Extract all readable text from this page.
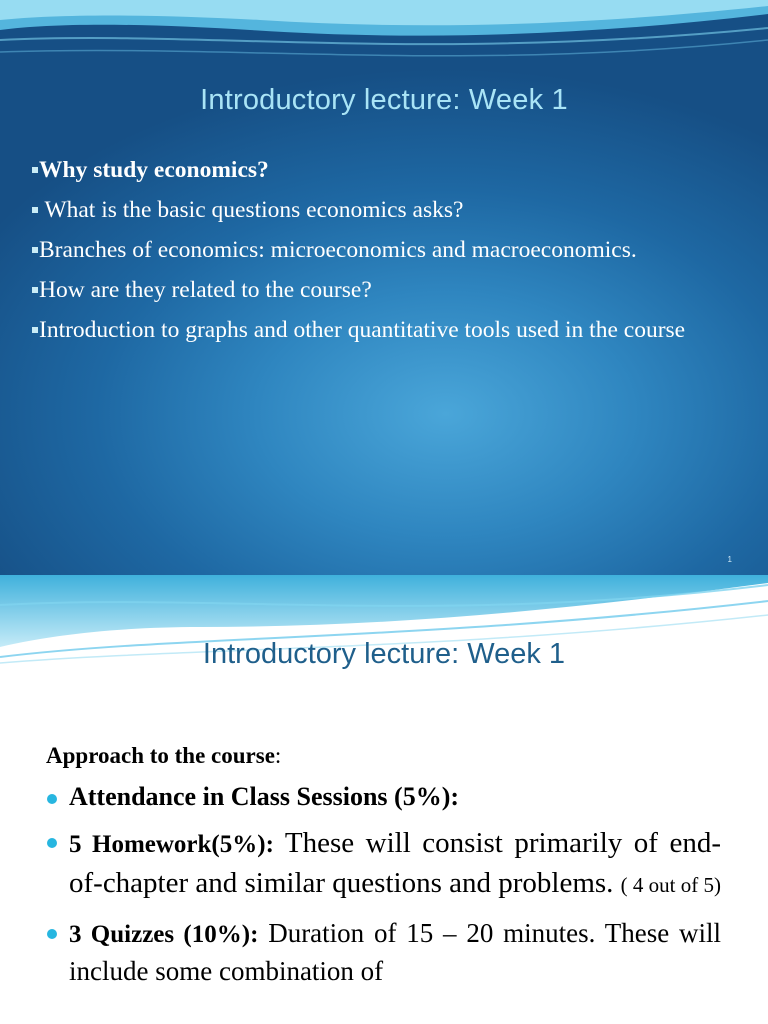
Introductory lecture: Week 1
Why study economics?
What is the basic questions economics asks?
Branches of economics: microeconomics and macroeconomics.
How are they related to the course?
Introduction to graphs and other quantitative tools used in the course
1
Introductory lecture: Week 1
Approach to the course:
Attendance in Class Sessions (5%):
5 Homework(5%): These will consist primarily of end-of-chapter and similar questions and problems. ( 4 out of 5)
3 Quizzes (10%): Duration of 15 – 20 minutes. These will include some combination of
